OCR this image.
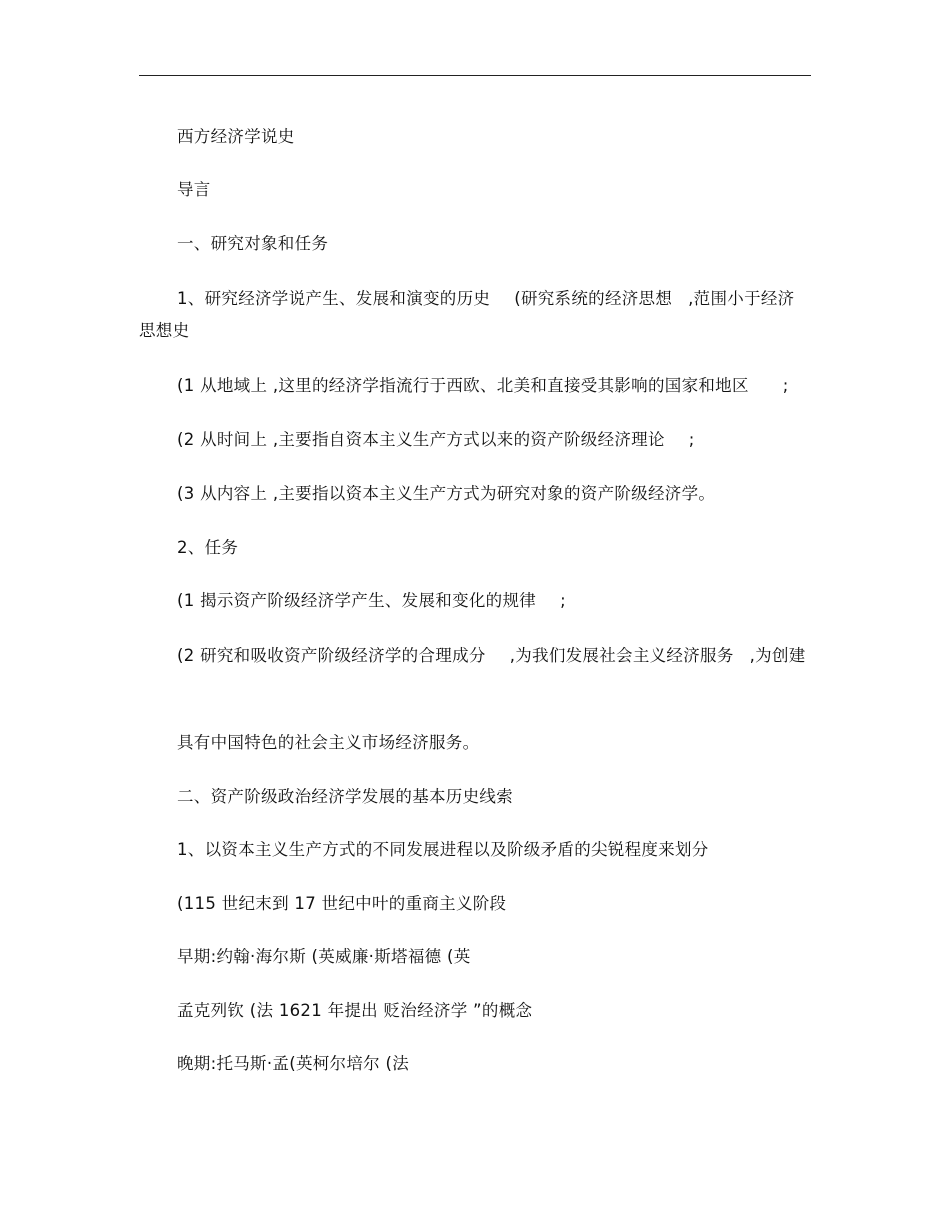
西方经济学说史
导言
一、研究对象和任务
1、研究经济学说产生、发展和演变的历史 (研究系统的经济思想 ,范围小于经济思想史
(1 从地域上 ,这里的经济学指流行于西欧、北美和直接受其影响的国家和地区 ;
(2 从时间上 ,主要指自资本主义生产方式以来的资产阶级经济理论 ;
(3 从内容上 ,主要指以资本主义生产方式为研究对象的资产阶级经济学。
2、任务
(1 揭示资产阶级经济学产生、发展和变化的规律 ;
(2 研究和吸收资产阶级经济学的合理成分 ,为我们发展社会主义经济服务 ,为创建
具有中国特色的社会主义市场经济服务。
二、资产阶级政治经济学发展的基本历史线索
1、以资本主义生产方式的不同发展进程以及阶级矛盾的尖锐程度来划分
(115 世纪末到 17 世纪中叶的重商主义阶段
早期:约翰·海尔斯 (英威廉·斯塔福德 (英
孟克列钦 (法 1621 年提出 贬治经济学 ”的概念
晚期:托马斯·孟(英柯尔培尔 (法
